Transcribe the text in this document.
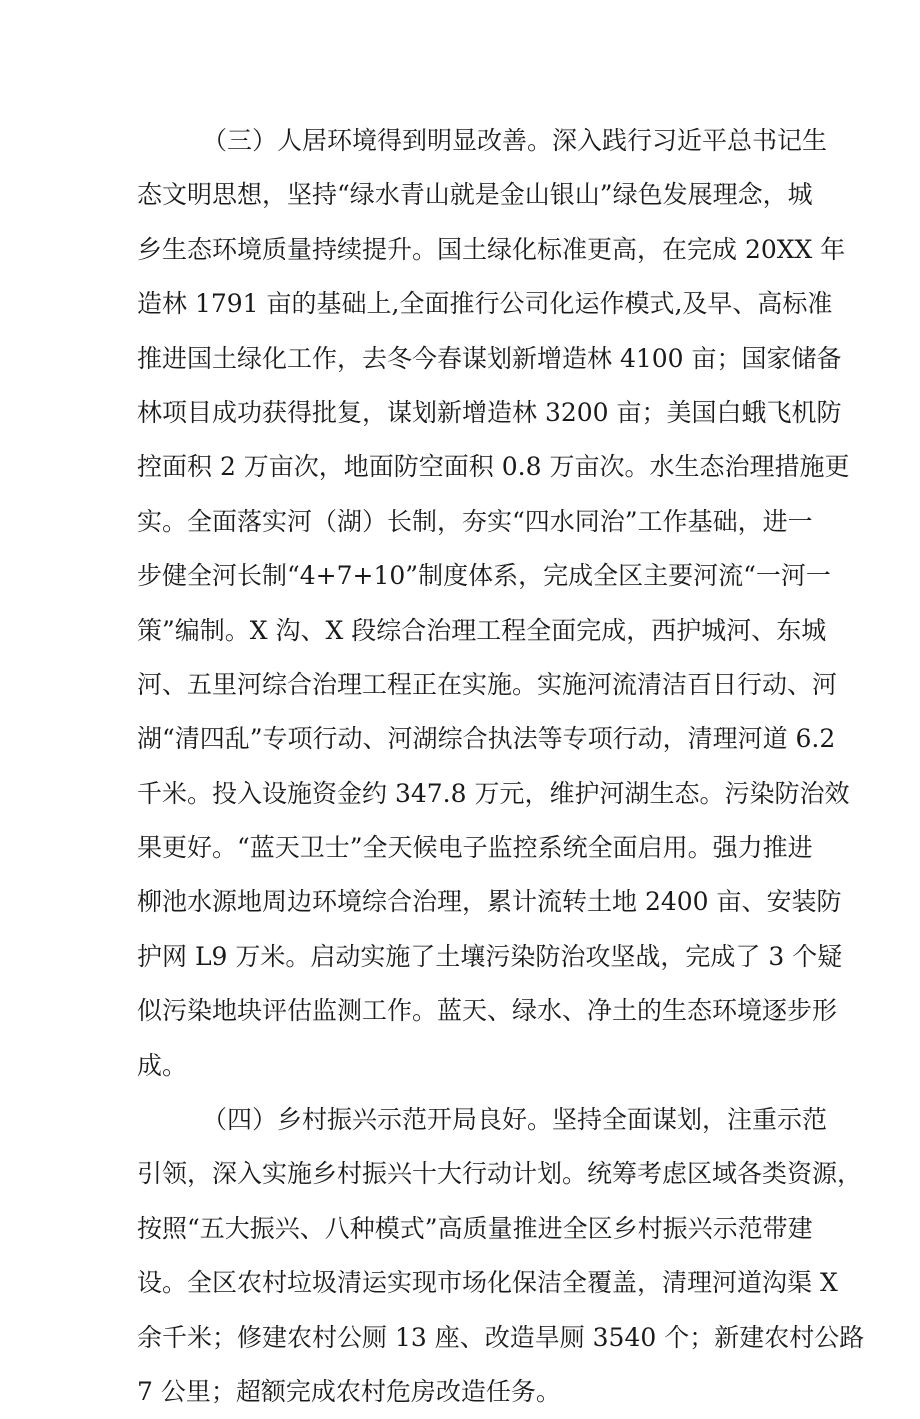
（三）人居环境得到明显改善。深入践行习近平总书记生
态文明思想，坚持“绿水青山就是金山银山”绿色发展理念，城
乡生态环境质量持续提升。国土绿化标准更高，在完成 20XX 年
造林 1791 亩的基础上,全面推行公司化运作模式,及早、高标准
推进国土绿化工作，去冬今春谋划新增造林 4100 亩；国家储备
林项目成功获得批复，谋划新增造林 3200 亩；美国白蛾飞机防
控面积 2 万亩次，地面防空面积 0.8 万亩次。水生态治理措施更
实。全面落实河（湖）长制，夯实“四水同治”工作基础，进一
步健全河长制“4+7+10”制度体系，完成全区主要河流“一河一
策”编制。X 沟、X 段综合治理工程全面完成，西护城河、东城
河、五里河综合治理工程正在实施。实施河流清洁百日行动、河
湖“清四乱”专项行动、河湖综合执法等专项行动，清理河道 6.2
千米。投入设施资金约 347.8 万元，维护河湖生态。污染防治效
果更好。“蓝天卫士”全天候电子监控系统全面启用。强力推进
柳池水源地周边环境综合治理，累计流转土地 2400 亩、安装防
护网 L9 万米。启动实施了土壤污染防治攻坚战，完成了 3 个疑
似污染地块评估监测工作。蓝天、绿水、净土的生态环境逐步形
成。
（四）乡村振兴示范开局良好。坚持全面谋划，注重示范
引领，深入实施乡村振兴十大行动计划。统筹考虑区域各类资源，
按照“五大振兴、八种模式”高质量推进全区乡村振兴示范带建
设。全区农村垃圾清运实现市场化保洁全覆盖，清理河道沟渠 X
余千米；修建农村公厕 13 座、改造旱厕 3540 个；新建农村公路
7 公里；超额完成农村危房改造任务。
